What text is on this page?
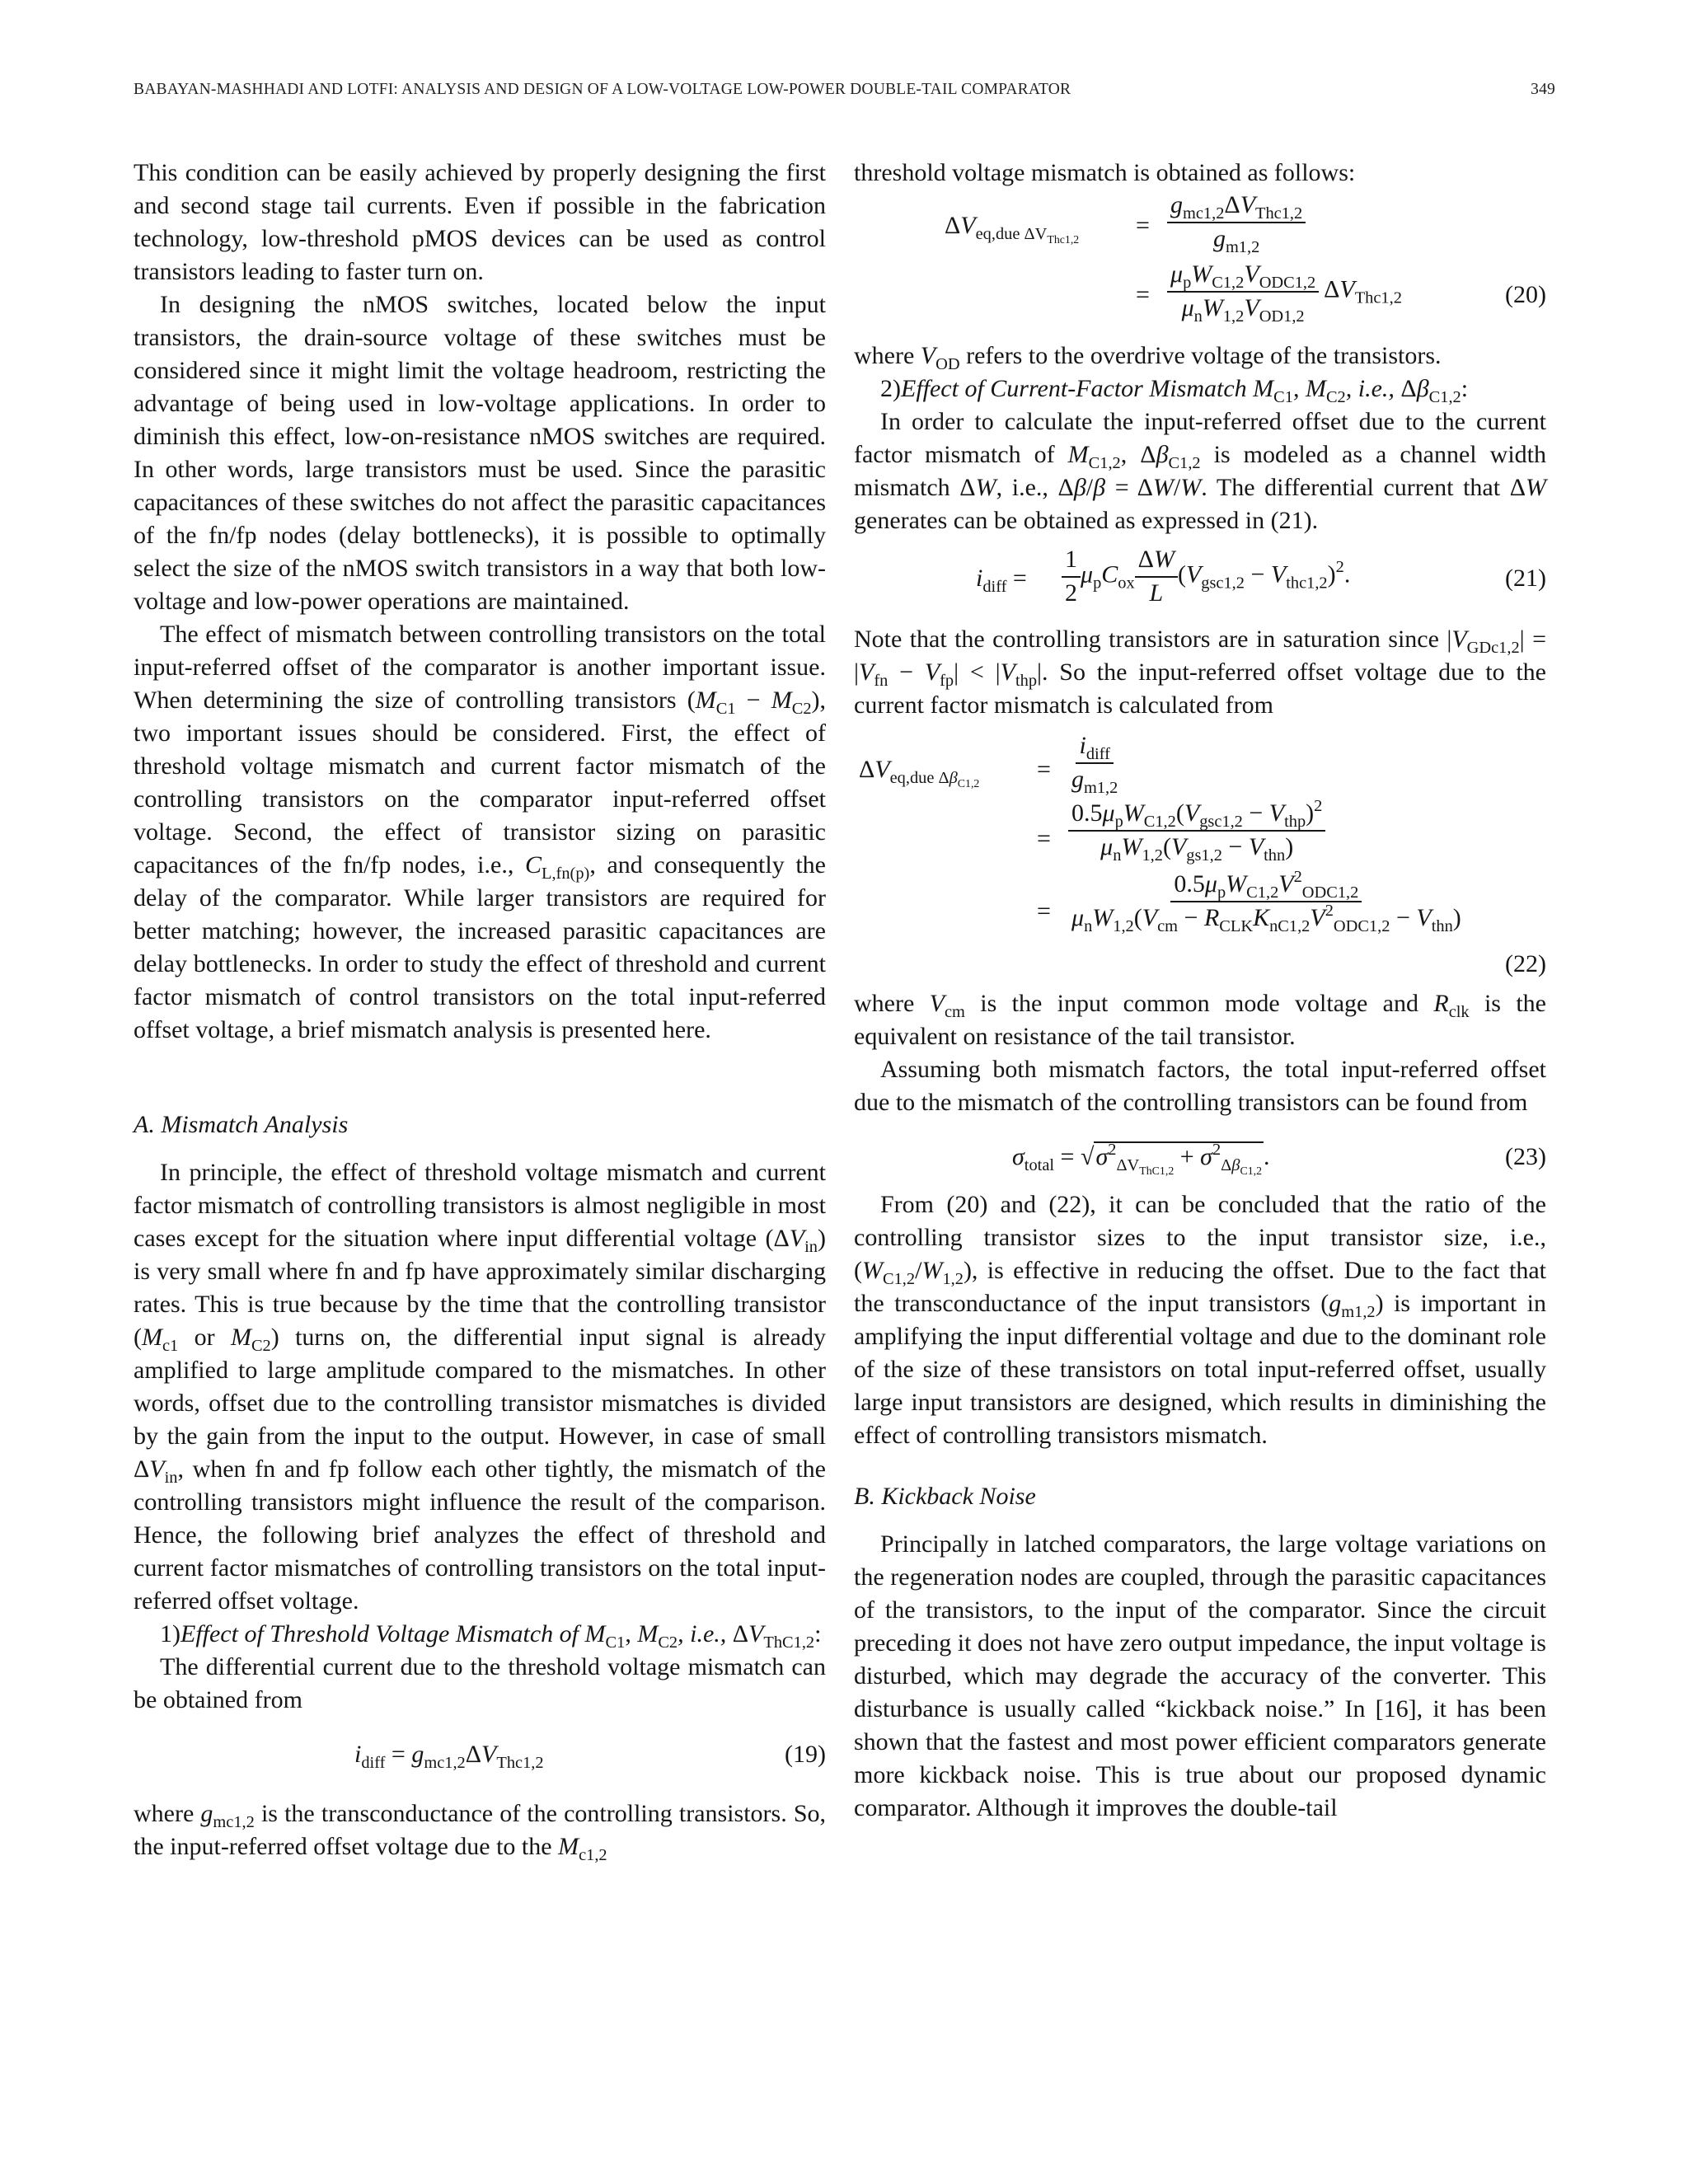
BABAYAN-MASHHADI AND LOTFI: ANALYSIS AND DESIGN OF A LOW-VOLTAGE LOW-POWER DOUBLE-TAIL COMPARATOR	349

This condition can be easily achieved by properly designing the first and second stage tail currents. Even if possible in the fabrication technology, low-threshold pMOS devices can be used as control transistors leading to faster turn on.

In designing the nMOS switches, located below the input transistors, the drain-source voltage of these switches must be considered since it might limit the voltage headroom, restricting the advantage of being used in low-voltage applications. In order to diminish this effect, low-on-resistance nMOS switches are required. In other words, large transistors must be used. Since the parasitic capacitances of these switches do not affect the parasitic capacitances of the fn/fp nodes (delay bottlenecks), it is possible to optimally select the size of the nMOS switch transistors in a way that both low-voltage and low-power operations are maintained.

The effect of mismatch between controlling transistors on the total input-referred offset of the comparator is another important issue. When determining the size of controlling transistors $(M_{C1} - M_{C2})$, two important issues should be considered. First, the effect of threshold voltage mismatch and current factor mismatch of the controlling transistors on the comparator input-referred offset voltage. Second, the effect of transistor sizing on parasitic capacitances of the fn/fp nodes, i.e., $C_{L,fn(p)}$, and consequently the delay of the comparator. While larger transistors are required for better matching; however, the increased parasitic capacitances are delay bottlenecks. In order to study the effect of threshold and current factor mismatch of control transistors on the total input-referred offset voltage, a brief mismatch analysis is presented here.

A. Mismatch Analysis

In principle, the effect of threshold voltage mismatch and current factor mismatch of controlling transistors is almost negligible in most cases except for the situation where input differential voltage $(\Delta V_{in})$ is very small where fn and fp have approximately similar discharging rates. This is true because by the time that the controlling transistor ($M_{c1}$ or $M_{C2}$) turns on, the differential input signal is already amplified to large amplitude compared to the mismatches. In other words, offset due to the controlling transistor mismatches is divided by the gain from the input to the output. However, in case of small $\Delta V_{in}$, when fn and fp follow each other tightly, the mismatch of the controlling transistors might influence the result of the comparison. Hence, the following brief analyzes the effect of threshold and current factor mismatches of controlling transistors on the total input-referred offset voltage.

1)Effect of Threshold Voltage Mismatch of $M_{C1}$, $M_{C2}$, i.e., $\Delta V_{ThC1,2}$:

The differential current due to the threshold voltage mismatch can be obtained from

$i_{diff} = g_{mc1,2}\Delta V_{Thc1,2}$	(19)

where $g_{mc1,2}$ is the transconductance of the controlling transistors. So, the input-referred offset voltage due to the $M_{c1,2}$

threshold voltage mismatch is obtained as follows:

$\Delta V_{eq,due \Delta V_{Thc1,2}}$
=
$g_{mc1,2}\Delta V_{Thc1,2}$
$g_{m1,2}$
= $\frac{\mu_pW_{C1,2}V_{ODC1,2}}{\mu_nW_{1,2}V_{OD1,2}} \Delta V_{Thc1,2}$	(20)

where $V_{OD}$ refers to the overdrive voltage of the transistors.

2)Effect of Current-Factor Mismatch $M_{C1}$, $M_{C2}$, i.e., $\Delta\beta_{C1,2}$:

In order to calculate the input-referred offset due to the current factor mismatch of $M_{C1,2}$, $\Delta\beta_{C1,2}$ is modeled as a channel width mismatch ΔW, i.e., Δβ/β = ΔW/W. The differential current that ΔW generates can be obtained as expressed in (21).

$i_{diff} = \frac{1}{2} \mu_pC_{ox} \frac{\Delta W}{L} (V_{gsc1,2} - V_{thc1,2})^2$.	(21)

Note that the controlling transistors are in saturation since $|V_{GDc1,2}| = |V_{fn} - V_{fp}| < |V_{thp}|$. So the input-referred offset voltage due to the current factor mismatch is calculated from

$\Delta V_{eq,due \Delta\beta_{C1,2}}$
=
$i_{diff}$
$g_{m1,2}$
=
$0.5\mu_pW_{C1,2}(V_{gsc1,2} - V_{thp})^2$
$\mu_nW_{1,2}(V_{gs1,2} - V_{thn})$
=
$0.5\mu_pW_{C1,2}V^2_{ODC1,2}$
$\mu_nW_{1,2}(V_{cm} - R_{CLK}K_{nC1,2}V^2_{ODC1,2} - V_{thn})$
(22)

where $V_{cm}$ is the input common mode voltage and $R_{clk}$ is the equivalent on resistance of the tail transistor.

Assuming both mismatch factors, the total input-referred offset due to the mismatch of the controlling transistors can be found from

$\sigma_{total} = √\sigma^2_{\Delta V_{ThC1,2}} + \sigma^2_{\Delta\beta_{C1,2}}$.	(23)

From (20) and (22), it can be concluded that the ratio of the controlling transistor sizes to the input transistor size, i.e., $(W_{C1,2}/W_{1,2})$, is effective in reducing the offset. Due to the fact that the transconductance of the input transistors $(g_{m1,2})$ is important in amplifying the input differential voltage and due to the dominant role of the size of these transistors on total input-referred offset, usually large input transistors are designed, which results in diminishing the effect of controlling transistors mismatch.

B. Kickback Noise

Principally in latched comparators, the large voltage variations on the regeneration nodes are coupled, through the parasitic capacitances of the transistors, to the input of the comparator. Since the circuit preceding it does not have zero output impedance, the input voltage is disturbed, which may degrade the accuracy of the converter. This disturbance is usually called “kickback noise.” In [16], it has been shown that the fastest and most power efficient comparators generate more kickback noise. This is true about our proposed dynamic comparator. Although it improves the double-tail
